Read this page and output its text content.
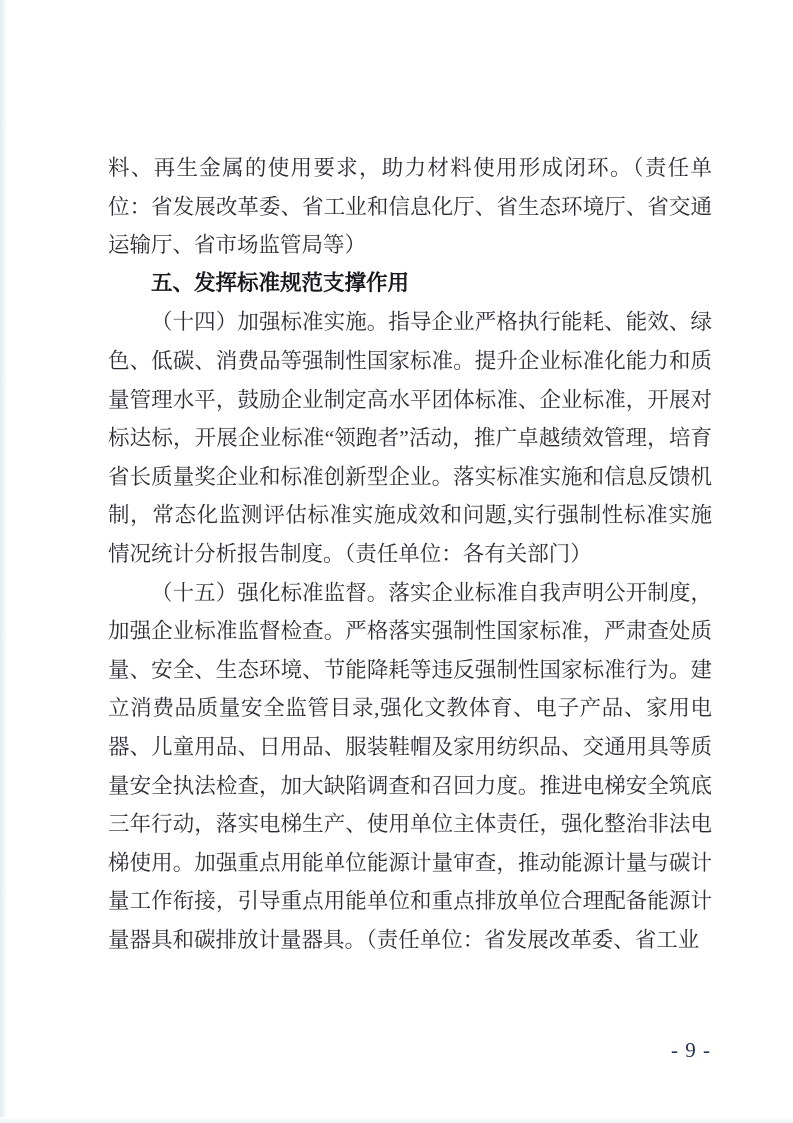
料、再生金属的使用要求，助力材料使用形成闭环。（责任单位：省发展改革委、省工业和信息化厅、省生态环境厅、省交通运输厅、省市场监管局等）

五、发挥标准规范支撑作用

（十四）加强标准实施。指导企业严格执行能耗、能效、绿色、低碳、消费品等强制性国家标准。提升企业标准化能力和质量管理水平，鼓励企业制定高水平团体标准、企业标准，开展对标达标，开展企业标准“领跑者”活动，推广卓越绩效管理，培育省长质量奖企业和标准创新型企业。落实标准实施和信息反馈机制，常态化监测评估标准实施成效和问题,实行强制性标准实施情况统计分析报告制度。（责任单位：各有关部门）

（十五）强化标准监督。落实企业标准自我声明公开制度，加强企业标准监督检查。严格落实强制性国家标准，严肃查处质量、安全、生态环境、节能降耗等违反强制性国家标准行为。建立消费品质量安全监管目录,强化文教体育、电子产品、家用电器、儿童用品、日用品、服装鞋帽及家用纺织品、交通用具等质量安全执法检查，加大缺陷调查和召回力度。推进电梯安全筑底三年行动，落实电梯生产、使用单位主体责任，强化整治非法电梯使用。加强重点用能单位能源计量审查，推动能源计量与碳计量工作衔接，引导重点用能单位和重点排放单位合理配备能源计量器具和碳排放计量器具。（责任单位：省发展改革委、省工业

- 9 -
